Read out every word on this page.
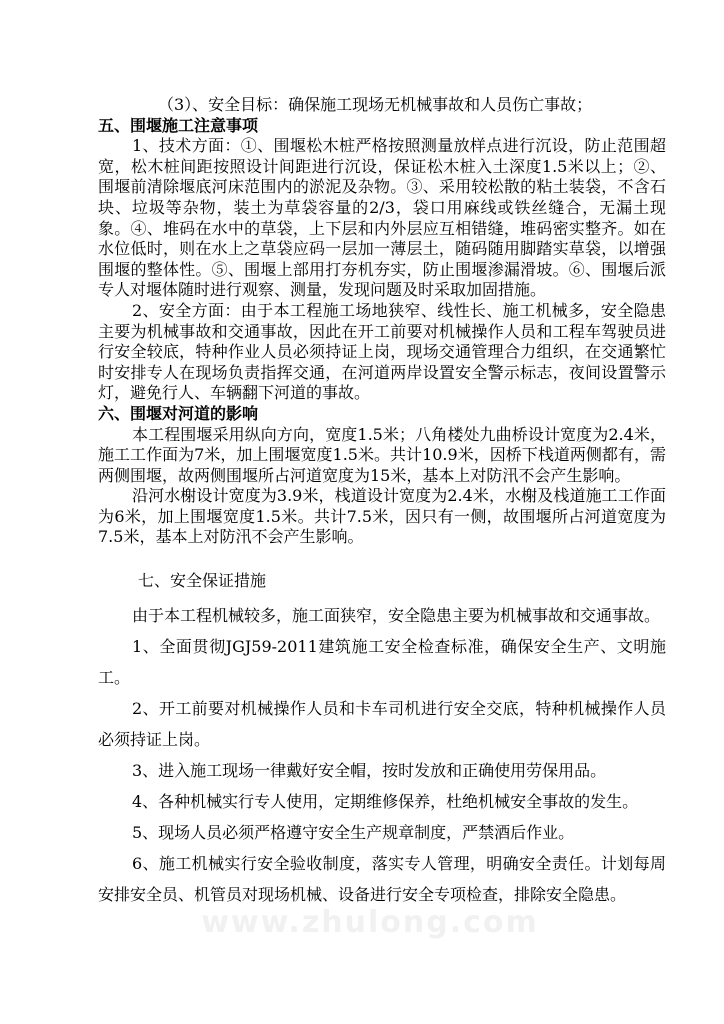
（3）、安全目标：确保施工现场无机械事故和人员伤亡事故；

五、围堰施工注意事项

1、技术方面：①、围堰松木桩严格按照测量放样点进行沉设，防止范围超宽，松木桩间距按照设计间距进行沉设，保证松木桩入土深度1.5米以上；②、围堰前清除堰底河床范围内的淤泥及杂物。③、采用较松散的粘土装袋，不含石块、垃圾等杂物，装土为草袋容量的2/3，袋口用麻线或铁丝缝合，无漏土现象。④、堆码在水中的草袋，上下层和内外层应互相错缝，堆码密实整齐。如在水位低时，则在水上之草袋应码一层加一薄层土，随码随用脚踏实草袋，以增强围堰的整体性。⑤、围堰上部用打夯机夯实，防止围堰渗漏滑坡。⑥、围堰后派专人对堰体随时进行观察、测量，发现问题及时采取加固措施。

2、安全方面：由于本工程施工场地狭窄、线性长、施工机械多，安全隐患主要为机械事故和交通事故，因此在开工前要对机械操作人员和工程车驾驶员进行安全较底，特种作业人员必须持证上岗，现场交通管理合力组织，在交通繁忙时安排专人在现场负责指挥交通，在河道两岸设置安全警示标志，夜间设置警示灯，避免行人、车辆翻下河道的事故。

六、围堰对河道的影响

本工程围堰采用纵向方向，宽度1.5米；八角楼处九曲桥设计宽度为2.4米，施工工作面为7米，加上围堰宽度1.5米。共计10.9米，因桥下栈道两侧都有，需两侧围堰，故两侧围堰所占河道宽度为15米，基本上对防汛不会产生影响。

沿河水榭设计宽度为3.9米，栈道设计宽度为2.4米，水榭及栈道施工工作面为6米，加上围堰宽度1.5米。共计7.5米，因只有一侧，故围堰所占河道宽度为7.5米，基本上对防汛不会产生影响。

七、安全保证措施

由于本工程机械较多，施工面狭窄，安全隐患主要为机械事故和交通事故。

1、全面贯彻JGJ59-2011建筑施工安全检查标准，确保安全生产、文明施工。

2、开工前要对机械操作人员和卡车司机进行安全交底，特种机械操作人员必须持证上岗。

3、进入施工现场一律戴好安全帽，按时发放和正确使用劳保用品。

4、各种机械实行专人使用，定期维修保养，杜绝机械安全事故的发生。

5、现场人员必须严格遵守安全生产规章制度，严禁酒后作业。

6、施工机械实行安全验收制度，落实专人管理，明确安全责任。计划每周安排安全员、机管员对现场机械、设备进行安全专项检查，排除安全隐患。

www.zhulong.com
